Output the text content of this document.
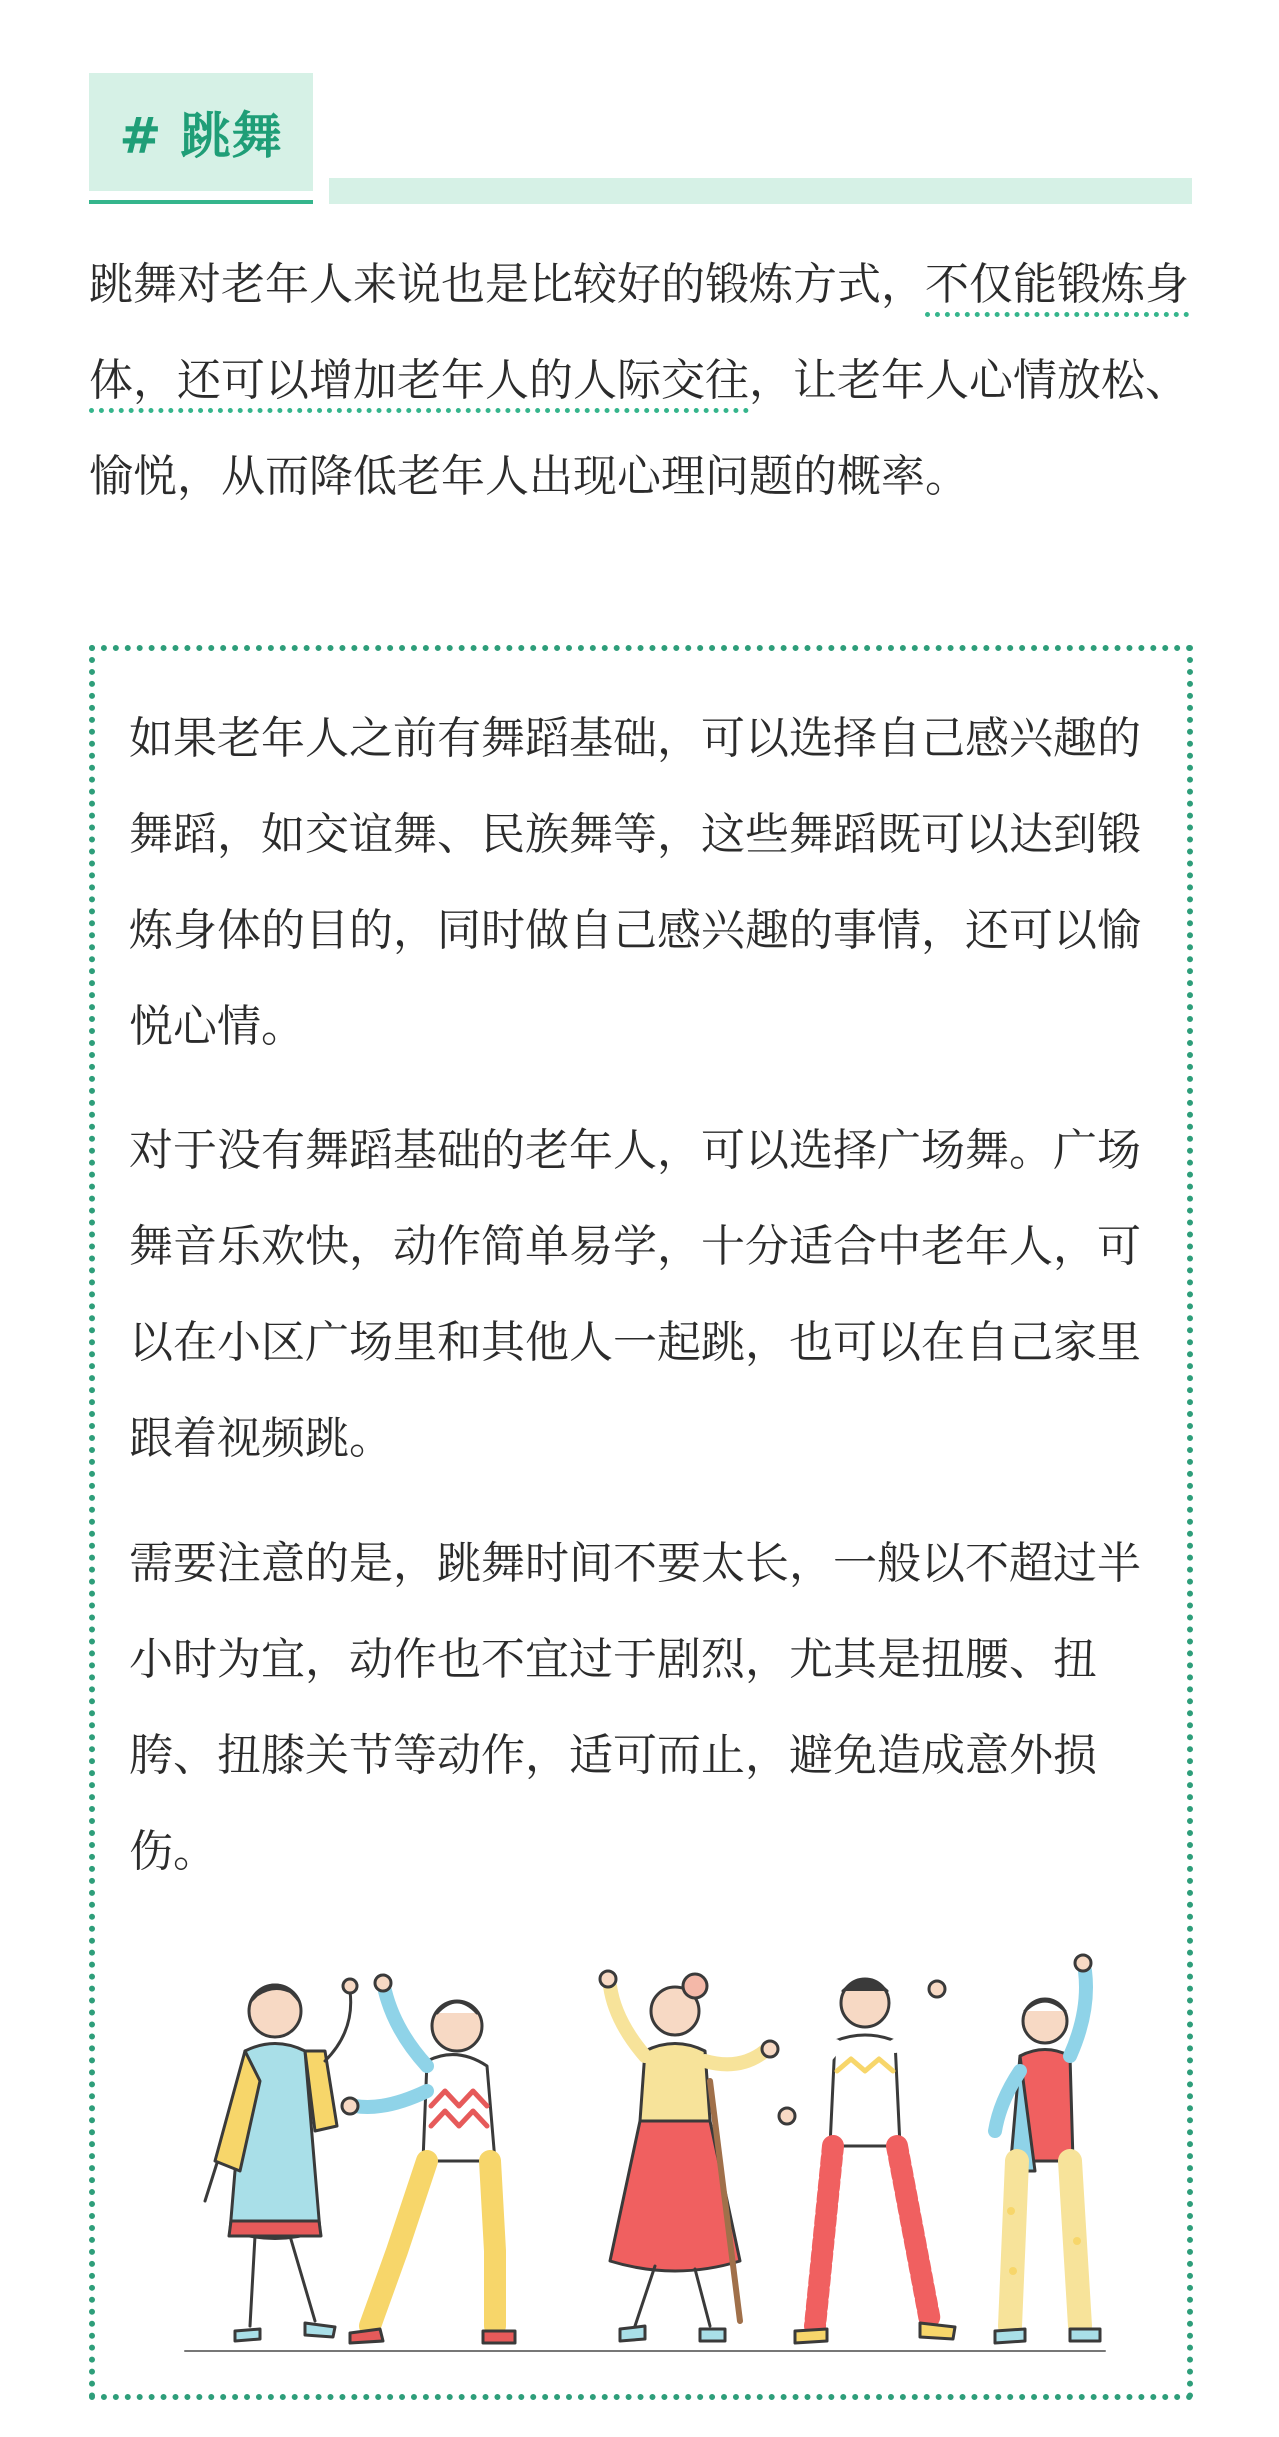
# 跳舞

跳舞对老年人来说也是比较好的锻炼方式，不仅能锻炼身体，还可以增加老年人的人际交往，让老年人心情放松、愉悦，从而降低老年人出现心理问题的概率。

如果老年人之前有舞蹈基础，可以选择自己感兴趣的舞蹈，如交谊舞、民族舞等，这些舞蹈既可以达到锻炼身体的目的，同时做自己感兴趣的事情，还可以愉悦心情。

对于没有舞蹈基础的老年人，可以选择广场舞。广场舞音乐欢快，动作简单易学，十分适合中老年人，可以在小区广场里和其他人一起跳，也可以在自己家里跟着视频跳。

需要注意的是，跳舞时间不要太长，一般以不超过半小时为宜，动作也不宜过于剧烈，尤其是扭腰、扭胯、扭膝关节等动作，适可而止，避免造成意外损伤。
